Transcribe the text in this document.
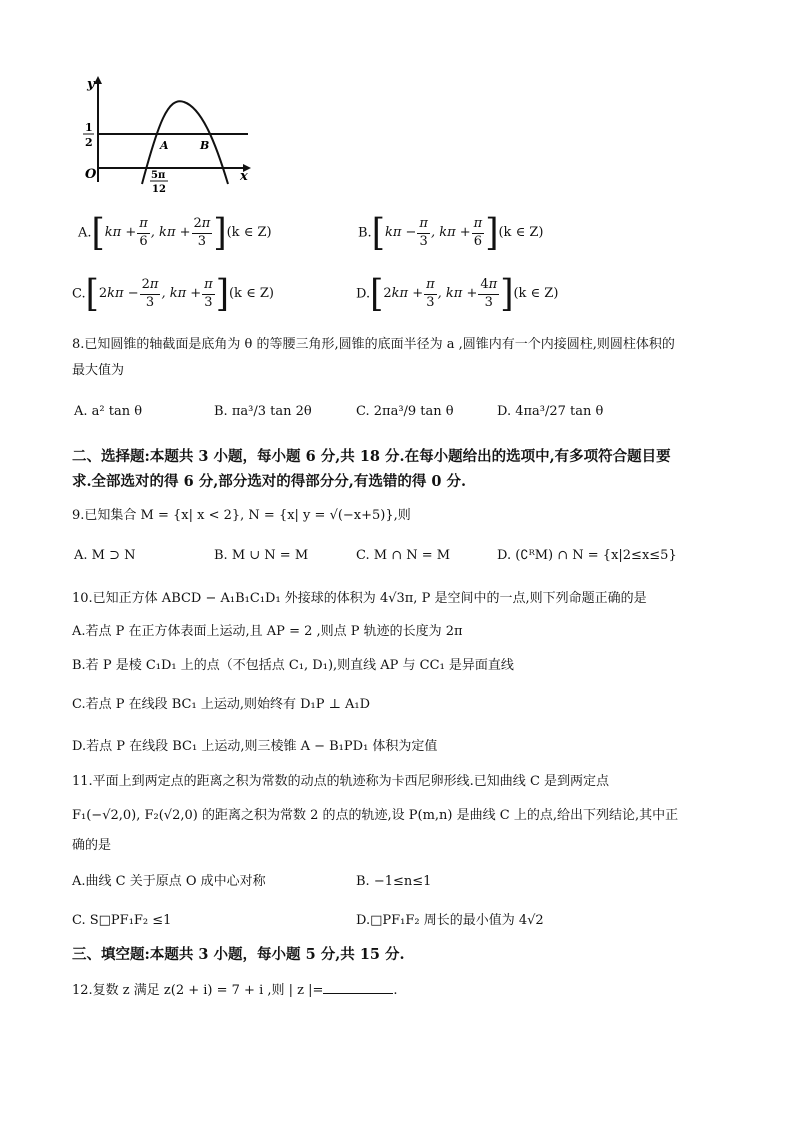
y
x
O
1
2	A	B
5π
12
$A.[k\pi + \frac{\pi}{6}$ , $k\pi + \frac{2\pi}{3} ](k$ ∈ Z)	$B.[k\pi - \frac{\pi}{3}$ , $k\pi + \frac{\pi}{6} ](k$ ∈ Z)
$C.[2k\pi - \frac{2\pi}{3}$ , $k\pi + \frac{\pi}{3} ](k$ ∈ Z)	$D.[2k\pi + \frac{\pi}{3}$ , $k\pi + \frac{4\pi}{3} ](k$ ∈ Z)
8.已知圆锥的轴截面是底角为 θ 的等腰三角形,圆锥的底面半径为 a ,圆锥内有一个内接圆柱,则圆柱体积的
最大值为
A. a² tan θ	B. πa³/3 tan 2θ	C. 2πa³/9 tan θ	D. 4πa³/27 tan θ
二、选择题:本题共 3 小题，每小题 6 分,共 18 分.在每小题给出的选项中,有多项符合题目要
求.全部选对的得 6 分,部分选对的得部分分,有选错的得 0 分.
9.已知集合 M = {x| x < 2}, N = {x| y = √(−x+5)},则
A. M ⊃ N	B. M ∪ N = M	C. M ∩ N = M	D. (∁ᴿM) ∩ N = {x|2≤x≤5}
10.已知正方体 ABCD − A₁B₁C₁D₁ 外接球的体积为 4√3π, P 是空间中的一点,则下列命题正确的是
A.若点 P 在正方体表面上运动,且 AP = 2 ,则点 P 轨迹的长度为 2π
B.若 P 是棱 C₁D₁ 上的点（不包括点 C₁, D₁),则直线 AP 与 CC₁ 是异面直线
C.若点 P 在线段 BC₁ 上运动,则始终有 D₁P ⊥ A₁D
D.若点 P 在线段 BC₁ 上运动,则三棱锥 A − B₁PD₁ 体积为定值
11.平面上到两定点的距离之积为常数的动点的轨迹称为卡西尼卵形线.已知曲线 C 是到两定点
F₁(−√2,0), F₂(√2,0) 的距离之积为常数 2 的点的轨迹,设 P(m,n) 是曲线 C 上的点,给出下列结论,其中正
确的是
A.曲线 C 关于原点 O 成中心对称	B. −1≤n≤1
C. S□PF₁F₂ ≤1	D.□PF₁F₂ 周长的最小值为 4√2
三、填空题:本题共 3 小题，每小题 5 分,共 15 分.
12.复数 z 满足 z(2 + i) = 7 + i ,则 | z |=	.
